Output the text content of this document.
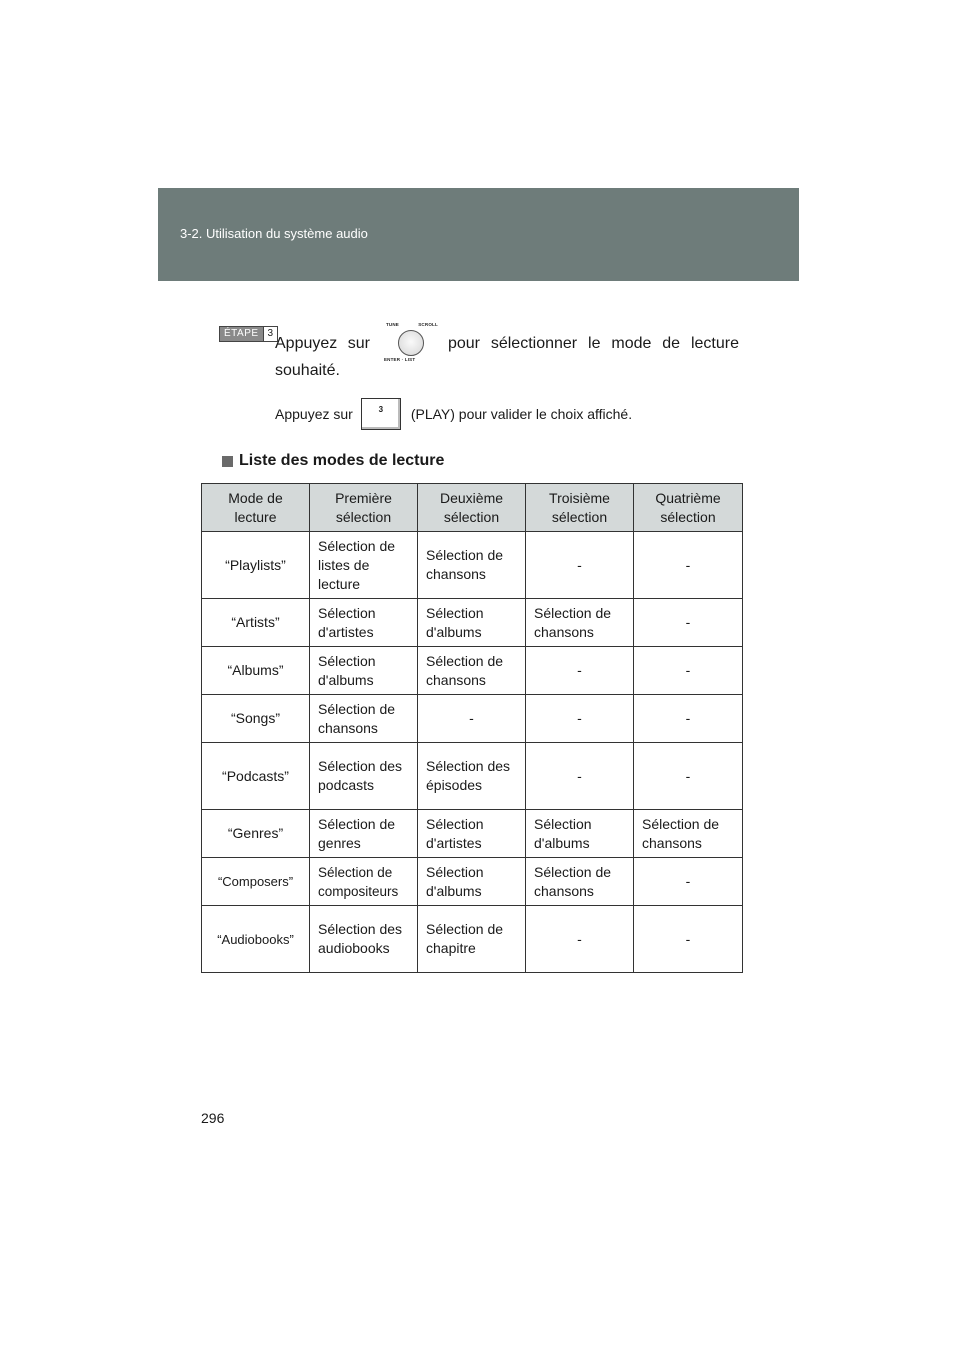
3-2. Utilisation du système audio
ÉTAPE 3
Appuyez sur
TUNE	SCROLL
ENTER · LIST
pour sélectionner le mode de lecture
souhaité.
Appuyez sur	3	(PLAY) pour valider le choix affiché.
Liste des modes de lecture
Mode de lecture	Première sélection	Deuxième sélection	Troisième sélection	Quatrième sélection
“Playlists”	Sélection de listes de lecture	Sélection de chansons	-	-
“Artists”	Sélection d'artistes	Sélection d'albums	Sélection de chansons	-
“Albums”	Sélection d'albums	Sélection de chansons	-	-
“Songs”	Sélection de chansons	-	-	-
“Podcasts”	Sélection des podcasts	Sélection des épisodes	-	-
“Genres”	Sélection de genres	Sélection d'artistes	Sélection d'albums	Sélection de chansons
“Composers”	Sélection de compositeurs	Sélection d'albums	Sélection de chansons	-
“Audiobooks”	Sélection des audiobooks	Sélection de chapitre	-	-
296
